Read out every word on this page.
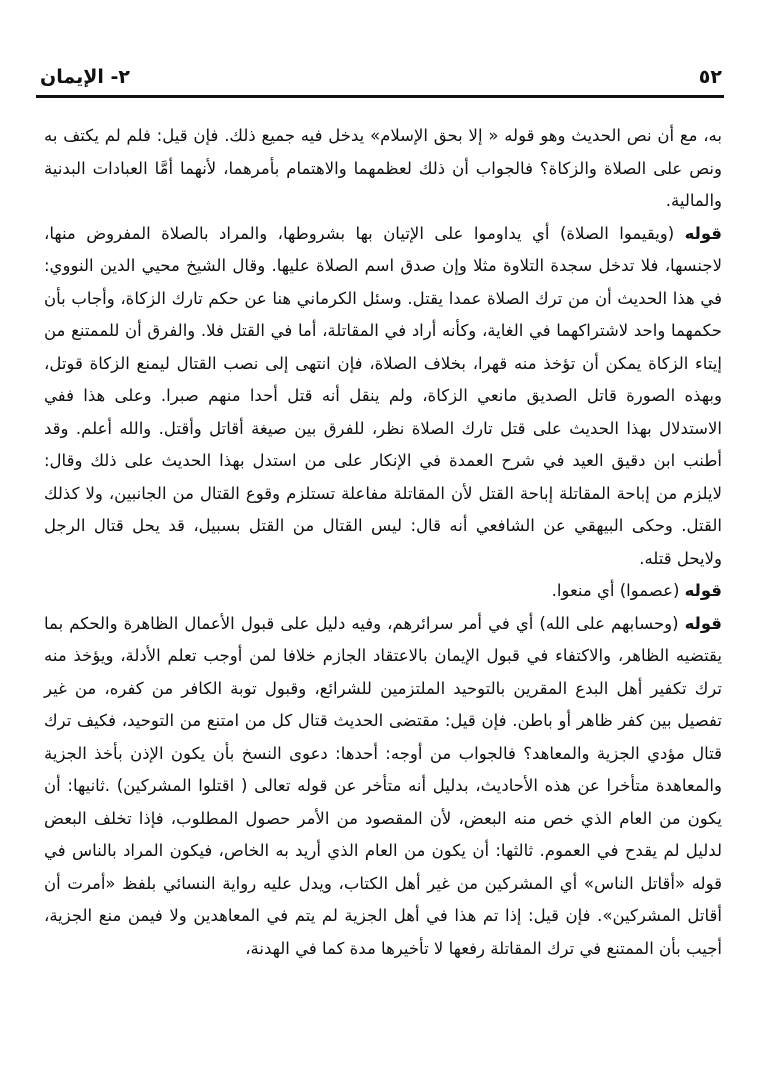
٥٢
٢- الإيمان

به، مع أن نص الحديث وهو قوله « إلا بحق الإسلام» يدخل فيه جميع ذلك. فإن قيل: فلم لم يكتف به ونص على الصلاة والزكاة؟ فالجواب أن ذلك لعظمهما والاهتمام بأمرهما، لأنهما أمَّا العبادات البدنية والمالية.

قوله (ويقيموا الصلاة) أي يداوموا على الإتيان بها بشروطها، والمراد بالصلاة المفروض منها، لاجنسها، فلا تدخل سجدة التلاوة مثلا وإن صدق اسم الصلاة عليها. وقال الشيخ محيي الدين النووي: في هذا الحديث أن من ترك الصلاة عمدا يقتل. وسئل الكرماني هنا عن حكم تارك الزكاة، وأجاب بأن حكمهما واحد لاشتراكهما في الغاية، وكأنه أراد في المقاتلة، أما في القتل فلا. والفرق أن للممتنع من إيتاء الزكاة يمكن أن تؤخذ منه قهرا، بخلاف الصلاة، فإن انتهى إلى نصب القتال ليمنع الزكاة قوتل، وبهذه الصورة قاتل الصديق مانعي الزكاة، ولم ينقل أنه قتل أحدا منهم صبرا. وعلى هذا ففي الاستدلال بهذا الحديث على قتل تارك الصلاة نظر، للفرق بين صيغة أقاتل وأقتل. والله أعلم. وقد أطنب ابن دقيق العيد في شرح العمدة في الإنكار على من استدل بهذا الحديث على ذلك وقال: لايلزم من إباحة المقاتلة إباحة القتل لأن المقاتلة مفاعلة تستلزم وقوع القتال من الجانبين، ولا كذلك القتل. وحكى البيهقي عن الشافعي أنه قال: ليس القتال من القتل بسبيل، قد يحل قتال الرجل ولايحل قتله.

قوله (عصموا) أي منعوا.

قوله (وحسابهم على الله) أي في أمر سرائرهم، وفيه دليل على قبول الأعمال الظاهرة والحكم بما يقتضيه الظاهر، والاكتفاء في قبول الإيمان بالاعتقاد الجازم خلافا لمن أوجب تعلم الأدلة، ويؤخذ منه ترك تكفير أهل البدع المقرين بالتوحيد الملتزمين للشرائع، وقبول توبة الكافر من كفره، من غير تفصيل بين كفر ظاهر أو باطن. فإن قيل: مقتضى الحديث قتال كل من امتنع من التوحيد، فكيف ترك قتال مؤدي الجزية والمعاهد؟ فالجواب من أوجه: أحدها: دعوى النسخ بأن يكون الإذن بأخذ الجزية والمعاهدة متأخرا عن هذه الأحاديث، بدليل أنه متأخر عن قوله تعالى ( اقتلوا المشركين) .ثانيها: أن يكون من العام الذي خص منه البعض، لأن المقصود من الأمر حصول المطلوب، فإذا تخلف البعض لدليل لم يقدح في العموم. ثالثها: أن يكون من العام الذي أريد به الخاص، فيكون المراد بالناس في قوله «أقاتل الناس» أي المشركين من غير أهل الكتاب، ويدل عليه رواية النسائي بلفظ «أمرت أن أقاتل المشركين». فإن قيل: إذا تم هذا في أهل الجزية لم يتم في المعاهدين ولا فيمن منع الجزية، أجيب بأن الممتنع في ترك المقاتلة رفعها لا تأخيرها مدة كما في الهدنة،
